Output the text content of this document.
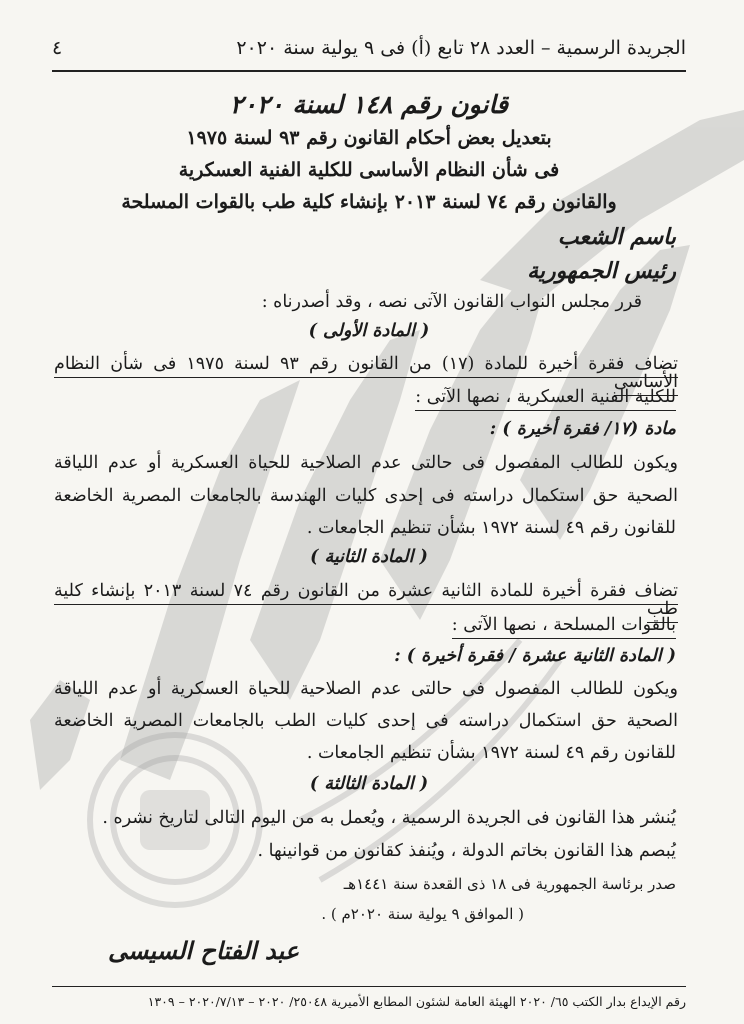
الجريدة الرسمية – العدد ٢٨ تابع (أ) فى ٩ يولية سنة ٢٠٢٠
٤
قانون رقم ١٤٨ لسنة ٢٠٢٠
بتعديل بعض أحكام القانون رقم ٩٣ لسنة ١٩٧٥
فى شأن النظام الأساسى للكلية الفنية العسكرية
والقانون رقم ٧٤ لسنة ٢٠١٣ بإنشاء كلية طب بالقوات المسلحة
باسم الشعب
رئيس الجمهورية
قرر مجلس النواب القانون الآتى نصه ، وقد أصدرناه :
( المادة الأولى )
تضاف فقرة أخيرة للمادة (١٧) من القانون رقم ٩٣ لسنة ١٩٧٥ فى شأن النظام الأساسى
للكلية الفنية العسكرية ، نصها الآتى :
مادة (١٧/ فقرة أخيرة ) :
ويكون للطالب المفصول فى حالتى عدم الصلاحية للحياة العسكرية أو عدم اللياقة
الصحية حق استكمال دراسته فى إحدى كليات الهندسة بالجامعات المصرية الخاضعة
للقانون رقم ٤٩ لسنة ١٩٧٢ بشأن تنظيم الجامعات .
( المادة الثانية )
تضاف فقرة أخيرة للمادة الثانية عشرة من القانون رقم ٧٤ لسنة ٢٠١٣ بإنشاء كلية طب
بالقوات المسلحة ، نصها الآتى :
( المادة الثانية عشرة / فقرة أخيرة ) :
ويكون للطالب المفصول فى حالتى عدم الصلاحية للحياة العسكرية أو عدم اللياقة
الصحية حق استكمال دراسته فى إحدى كليات الطب بالجامعات المصرية الخاضعة
للقانون رقم ٤٩ لسنة ١٩٧٢ بشأن تنظيم الجامعات .
( المادة الثالثة )
يُنشر هذا القانون فى الجريدة الرسمية ، ويُعمل به من اليوم التالى لتاريخ نشره .
يُبصم هذا القانون بخاتم الدولة ، ويُنفذ كقانون من قوانينها .
صدر برئاسة الجمهورية فى ١٨ ذى القعدة سنة ١٤٤١هـ
( الموافق ٩ يولية سنة ٢٠٢٠م ) .
عبد الفتاح السيسى
رقم الإيداع بدار الكتب ٦٥/ ٢٠٢٠ الهيئة العامة لشئون المطابع الأميرية ٢٥٠٤٨/ ٢٠٢٠ – ٢٠٢٠/٧/١٣ – ١٣٠٩
